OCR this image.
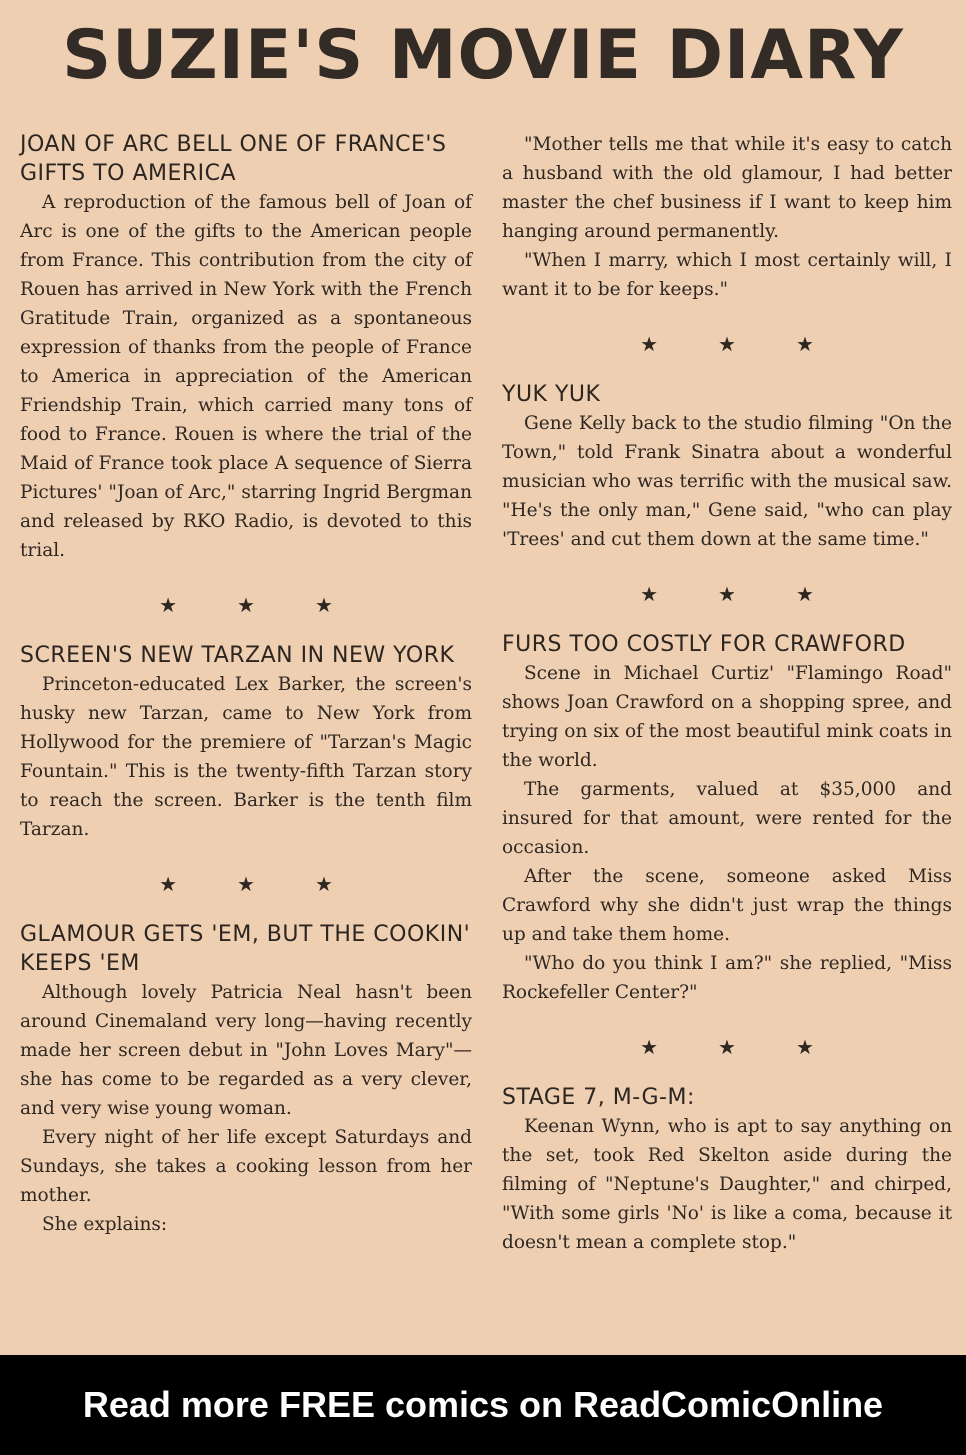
SUZIE'S MOVIE DIARY
JOAN OF ARC BELL ONE OF FRANCE'S GIFTS TO AMERICA

A reproduction of the famous bell of Joan of Arc is one of the gifts to the American people from France. This contribution from the city of Rouen has arrived in New York with the French Gratitude Train, organized as a spontaneous expression of thanks from the people of France to America in appreciation of the American Friendship Train, which carried many tons of food to France. Rouen is where the trial of the Maid of France took place A sequence of Sierra Pictures' "Joan of Arc," starring Ingrid Bergman and released by RKO Radio, is devoted to this trial.

★★★
SCREEN'S NEW TARZAN IN NEW YORK

Princeton-educated Lex Barker, the screen's husky new Tarzan, came to New York from Hollywood for the premiere of "Tarzan's Magic Fountain." This is the twenty-fifth Tarzan story to reach the screen. Barker is the tenth film Tarzan.

★★★
GLAMOUR GETS 'EM, BUT THE COOKIN' KEEPS 'EM

Although lovely Patricia Neal hasn't been around Cinemaland very long—having recently made her screen debut in "John Loves Mary"—she has come to be regarded as a very clever, and very wise young woman.

Every night of her life except Saturdays and Sundays, she takes a cooking lesson from her mother.

She explains:

"Mother tells me that while it's easy to catch a husband with the old glamour, I had better master the chef business if I want to keep him hanging around permanently.

"When I marry, which I most certainly will, I want it to be for keeps."

★★★
YUK YUK

Gene Kelly back to the studio filming "On the Town," told Frank Sinatra about a wonderful musician who was terrific with the musical saw. "He's the only man," Gene said, "who can play 'Trees' and cut them down at the same time."

★★★
FURS TOO COSTLY FOR CRAWFORD

Scene in Michael Curtiz' "Flamingo Road" shows Joan Crawford on a shopping spree, and trying on six of the most beautiful mink coats in the world.

The garments, valued at $35,000 and insured for that amount, were rented for the occasion.

After the scene, someone asked Miss Crawford why she didn't just wrap the things up and take them home.

"Who do you think I am?" she replied, "Miss Rockefeller Center?"

★★★
STAGE 7, M-G-M:

Keenan Wynn, who is apt to say anything on the set, took Red Skelton aside during the filming of "Neptune's Daughter," and chirped, "With some girls 'No' is like a coma, because it doesn't mean a complete stop."

Read more FREE comics on ReadComicOnline
